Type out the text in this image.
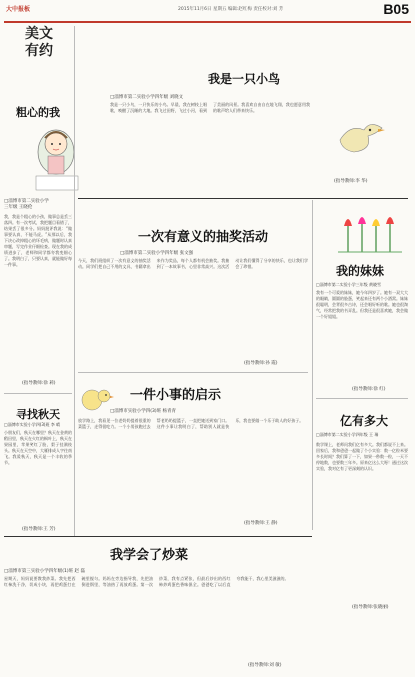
大中报板	2015年11月6日 星期五 编辑:赵红梅 责任校对:刘 芳	B05
美文
有约
粗心的我
□淄博市第二实验小学
三年级 王晓伦
我，我是个粗心的小孩，做事总是丢三落四。有一次考试，我把题目看错了，结果丢了很多分。妈妈批评我说：“做事要认真，不能马虎。”从那以后，我下决心改掉粗心的坏毛病，做题时认真审题，写完作业仔细检查。现在我的成绩进步了，老师和同学都夸我变细心了。我明白了，只要认真，就能做好每一件事。
(指导教师:徐 莉)
寻找秋天
□淄博市实验小学四(3)班 李 晴
小朋友们，秋天在哪里？秋天在金黄的稻田里，秋天在火红的枫叶上，秋天在果园里，苹果笑红了脸，梨子挂满枝头。秋天在天空中，大雁排成人字往南飞。我爱秋天，秋天是一个丰收的季节。
(指导教师:王 芳)
我是一只小鸟
□淄博市第二实验小学四年级 刘晓文
我是一只小鸟，一只快乐的小鸟。早晨，我在树枝上唱歌，唤醒了沉睡的大地。我飞过田野，飞过小河，看到了美丽的风景。我喜欢自由自在地飞翔，我也愿意用我的歌声给人们带来快乐。
(指导教师:李 华)
一次有意义的抽奖活动
□淄博市第二实验小学四年级 张文强
今天，我们班组织了一次有意义的抽奖活动。同学们把自己不用的文具、书籍拿出来作为奖品，每个人都有机会抽奖。我抽到了一本故事书，心里非常高兴。这次活动让我们懂得了分享的快乐，也让我们学会了珍惜。
(指导教师:孙 霞)
一件小事的启示
□淄博市实验小学四(3)班 杨青青
放学路上，我看见一位老奶奶提着很重的菜篮子，走得很吃力。一个小男孩跑过去帮老奶奶提篮子，一直把她送到家门口。这件小事让我明白了，帮助别人就是快乐，我也要做一个乐于助人的好孩子。
(指导教师:王 静)
我的妹妹
□淄博市第二实验小学三年级 黄晓雪
我有一个可爱的妹妹，她今年四岁了。她有一双大大的眼睛，圆圆的脸蛋，笑起来还有两个小酒窝。妹妹很聪明，会背很多古诗，还会唱好听的歌。她也很淘气，经常把我的书弄乱。但我还是很喜欢她，我会做一个好姐姐。
(指导教师:徐 红)
亿有多大
□淄博市第二实验小学四年级 王 瑞
数学课上，老师问我们亿有多大。我们都说不上来。回家后，我和爸爸一起做了个小实验：数一亿粒米要多长时间？我们算了一下，如果一秒数一粒，一天不停地数，也要数三年多。原来亿这么大呀！通过这次实验，我对亿有了更深刻的认识。
(指导教师:张晓丽)
我学会了炒菜
□淄博市第三实验小学四年级(1)班 赵 磊
星期天，妈妈说要教我炒菜。我先把西红柿洗干净，切成小块，再把鸡蛋打在碗里搅匀。妈妈在旁边指导我，先把油倒进锅里，等油热了再放鸡蛋。第一次炒菜，我有点紧张，但最后炒出的西红柿炒鸡蛋色香味俱全。爸爸吃了以后直夸我能干，我心里美滋滋的。
(指导教师:刘 敏)
